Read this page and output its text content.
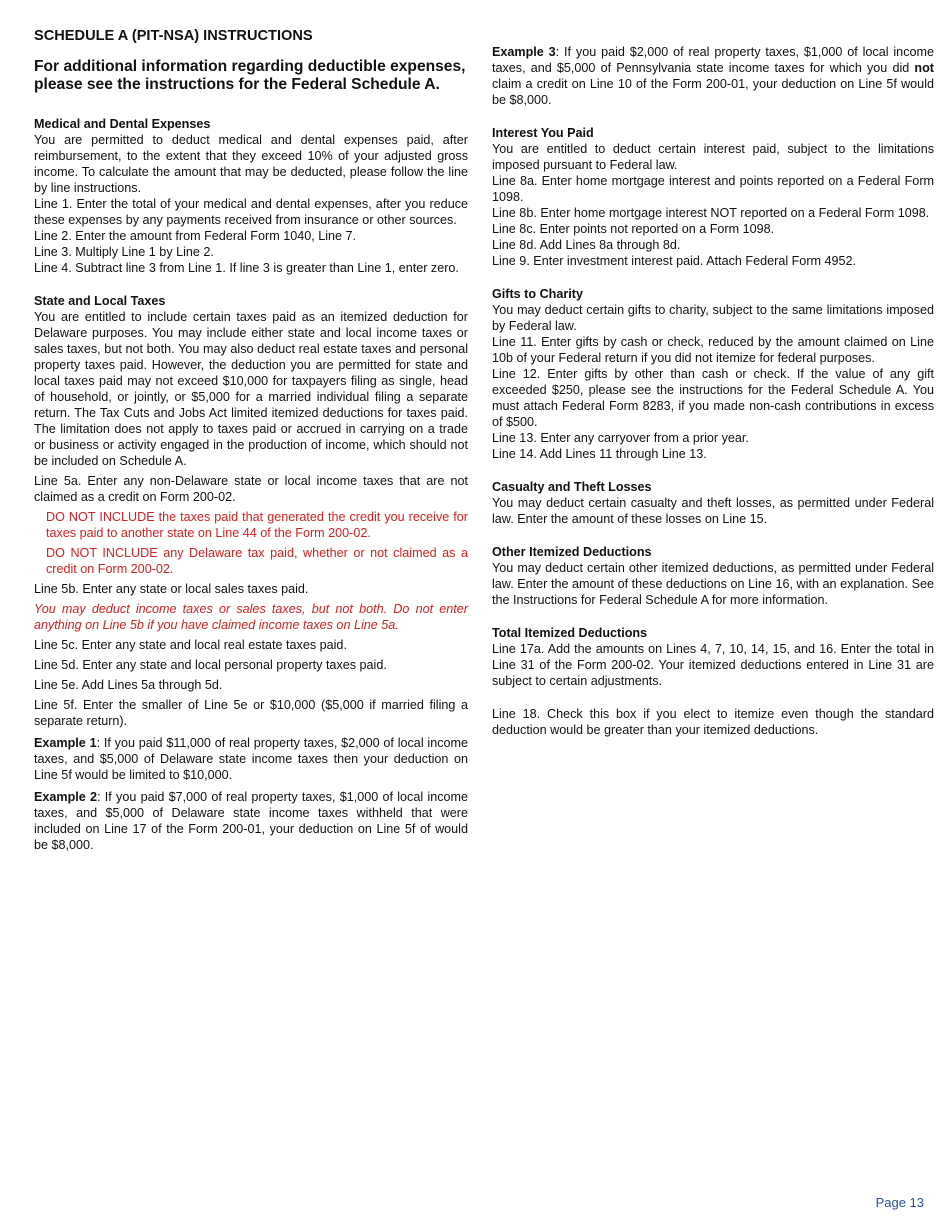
SCHEDULE A (PIT-NSA) INSTRUCTIONS
For additional information regarding deductible expenses, please see the instructions for the Federal Schedule A.
Medical and Dental Expenses

You are permitted to deduct medical and dental expenses paid, after reimbursement, to the extent that they exceed 10% of your adjusted gross income. To calculate the amount that may be deducted, please follow the line by line instructions.

Line 1. Enter the total of your medical and dental expenses, after you reduce these expenses by any payments received from insurance or other sources.

Line 2. Enter the amount from Federal Form 1040, Line 7.

Line 3. Multiply Line 1 by Line 2.

Line 4. Subtract line 3 from Line 1. If line 3 is greater than Line 1, enter zero.

State and Local Taxes

You are entitled to include certain taxes paid as an itemized deduction for Delaware purposes. You may include either state and local income taxes or sales taxes, but not both. You may also deduct real estate taxes and personal property taxes paid. However, the deduction you are permitted for state and local taxes paid may not exceed $10,000 for taxpayers filing as single, head of household, or jointly, or $5,000 for a married individual filing a separate return. The Tax Cuts and Jobs Act limited itemized deductions for taxes paid. The limitation does not apply to taxes paid or accrued in carrying on a trade or business or activity engaged in the production of income, which should not be included on Schedule A.

Line 5a. Enter any non-Delaware state or local income taxes that are not claimed as a credit on Form 200-02.

DO NOT INCLUDE the taxes paid that generated the credit you receive for taxes paid to another state on Line 44 of the Form 200-02.

DO NOT INCLUDE any Delaware tax paid, whether or not claimed as a credit on Form 200-02.

Line 5b. Enter any state or local sales taxes paid.

You may deduct income taxes or sales taxes, but not both. Do not enter anything on Line 5b if you have claimed income taxes on Line 5a.

Line 5c. Enter any state and local real estate taxes paid.

Line 5d. Enter any state and local personal property taxes paid.

Line 5e. Add Lines 5a through 5d.

Line 5f. Enter the smaller of Line 5e or $10,000 ($5,000 if married filing a separate return).

Example 1: If you paid $11,000 of real property taxes, $2,000 of local income taxes, and $5,000 of Delaware state income taxes then your deduction on Line 5f would be limited to $10,000.

Example 2: If you paid $7,000 of real property taxes, $1,000 of local income taxes, and $5,000 of Delaware state income taxes withheld that were included on Line 17 of the Form 200-01, your deduction on Line 5f of would be $8,000.

Example 3: If you paid $2,000 of real property taxes, $1,000 of local income taxes, and $5,000 of Pennsylvania state income taxes for which you did not claim a credit on Line 10 of the Form 200-01, your deduction on Line 5f would be $8,000.

Interest You Paid

You are entitled to deduct certain interest paid, subject to the limitations imposed pursuant to Federal law.

Line 8a. Enter home mortgage interest and points reported on a Federal Form 1098.

Line 8b. Enter home mortgage interest NOT reported on a Federal Form 1098.

Line 8c. Enter points not reported on a Form 1098.

Line 8d. Add Lines 8a through 8d.

Line 9. Enter investment interest paid. Attach Federal Form 4952.

Gifts to Charity

You may deduct certain gifts to charity, subject to the same limitations imposed by Federal law.

Line 11. Enter gifts by cash or check, reduced by the amount claimed on Line 10b of your Federal return if you did not itemize for federal purposes.

Line 12. Enter gifts by other than cash or check. If the value of any gift exceeded $250, please see the instructions for the Federal Schedule A. You must attach Federal Form 8283, if you made non-cash contributions in excess of $500.

Line 13. Enter any carryover from a prior year.

Line 14. Add Lines 11 through Line 13.

Casualty and Theft Losses

You may deduct certain casualty and theft losses, as permitted under Federal law. Enter the amount of these losses on Line 15.

Other Itemized Deductions

You may deduct certain other itemized deductions, as permitted under Federal law. Enter the amount of these deductions on Line 16, with an explanation. See the Instructions for Federal Schedule A for more information.

Total Itemized Deductions

Line 17a. Add the amounts on Lines 4, 7, 10, 14, 15, and 16. Enter the total in Line 31 of the Form 200-02. Your itemized deductions entered in Line 31 are subject to certain adjustments.

Line 18. Check this box if you elect to itemize even though the standard deduction would be greater than your itemized deductions.

Page 13
